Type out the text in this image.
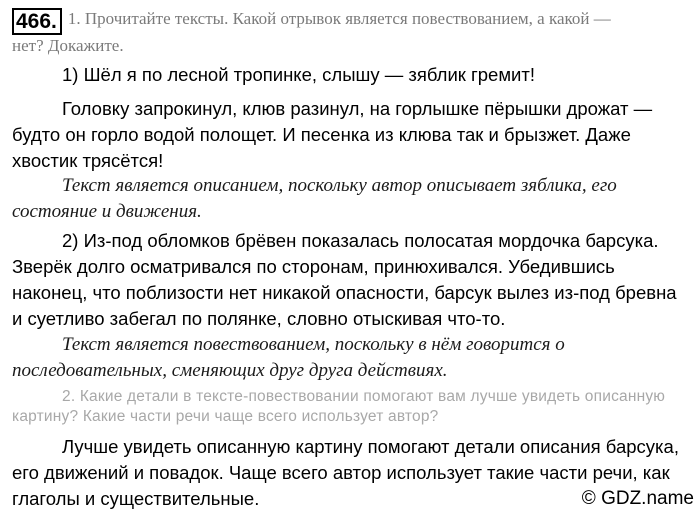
466. 1. Прочитайте тексты. Какой отрывок является повествованием, а какой —
нет? Докажите.
1) Шёл я по лесной тропинке, слышу — зяблик гремит!
Головку запрокинул, клюв разинул, на горлышке пёрышки дрожат —
будто он горло водой полощет. И песенка из клюва так и брызжет. Даже
хвостик трясётся!
Текст является описанием, поскольку автор описывает зяблика, его
состояние и движения.
2) Из-под обломков брёвен показалась полосатая мордочка барсука.
Зверёк долго осматривался по сторонам, принюхивался. Убедившись
наконец, что поблизости нет никакой опасности, барсук вылез из-под бревна
и суетливо забегал по полянке, словно отыскивая что-то.
Текст является повествованием, поскольку в нём говорится о
последовательных, сменяющих друг друга действиях.
2. Какие детали в тексте-повествовании помогают вам лучше увидеть описанную
картину? Какие части речи чаще всего использует автор?
Лучше увидеть описанную картину помогают детали описания барсука,
его движений и повадок. Чаще всего автор использует такие части речи, как
глаголы и существительные.	© GDZ.name
